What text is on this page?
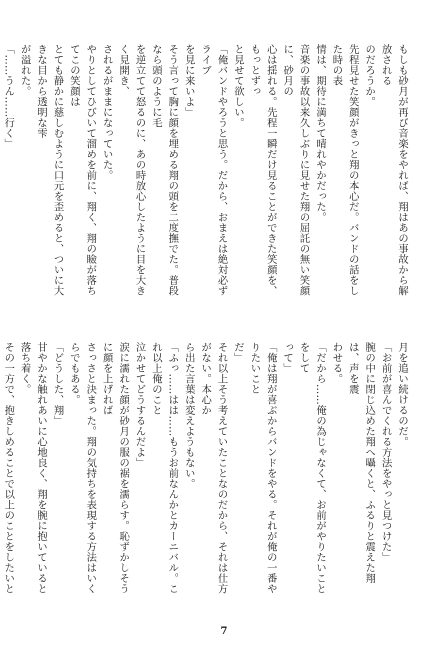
もしも砂月が再び音楽をやれば、翔はあの事故から解放される
のだろうか。

先程見せた笑顔がきっと翔の本心だ。バンドの話をした時の表
情は、期待に満ちて晴れやかだった。

音楽の事故以来久しぶりに見せた翔の屈託の無い笑顔に、砂月の
心は揺れる。先程一瞬だけ見ることができた笑顔を、もっとずっ
と見せて欲しい。

「俺バンドやろうと思う。だから、おまえは絶対必ずライブ
を見に来いよ」

そう言って胸に顔を埋める翔の頭を二度撫でた。普段なら頭のように毛
を逆立てて怒るのに、あの時放心したように目を大きく見開き、
されるがままになっていた。

やりとしてひびいて溜めを前に、翔く、翔の瞼が落ちてこの笑顔は
とても静かに慈しむように口元を歪めると、ついに大きな目から透明な雫
が溢れた。

「……うん……行く」

月を追い続けるのだ。

「お前が喜んでくれる方法をやっと見つけた」

腕の中に閉じ込めた翔へ囁くと、ふるりと震えた翔は、声を震
わせる。

「だから……俺の為じゃなくて、お前がやりたいことをして
って」

「俺は翔が喜ぶからバンドをやる。それが俺の一番やりたいこと
だ」

それ以上そう考えていたことなのだから、それは仕方がない。本心か
ら出た言葉は変えようもない。

「ふっ……はは……もうお前なんかとカーニバル。これ以上俺のこと
泣かせてどうするんだよ」

涙に濡れた顔が砂月の服の裾を濡らす。恥ずかしそうに顔を上げれば
さっさと決まった。翔の気持ちを表現する方法はいくらでもある。

「どうした、翔」

甘やかな触れあいに心地良く、翔を腕に抱いていると落ち着く。
その一方で、抱きしめることで以上のことをしたいと

7
